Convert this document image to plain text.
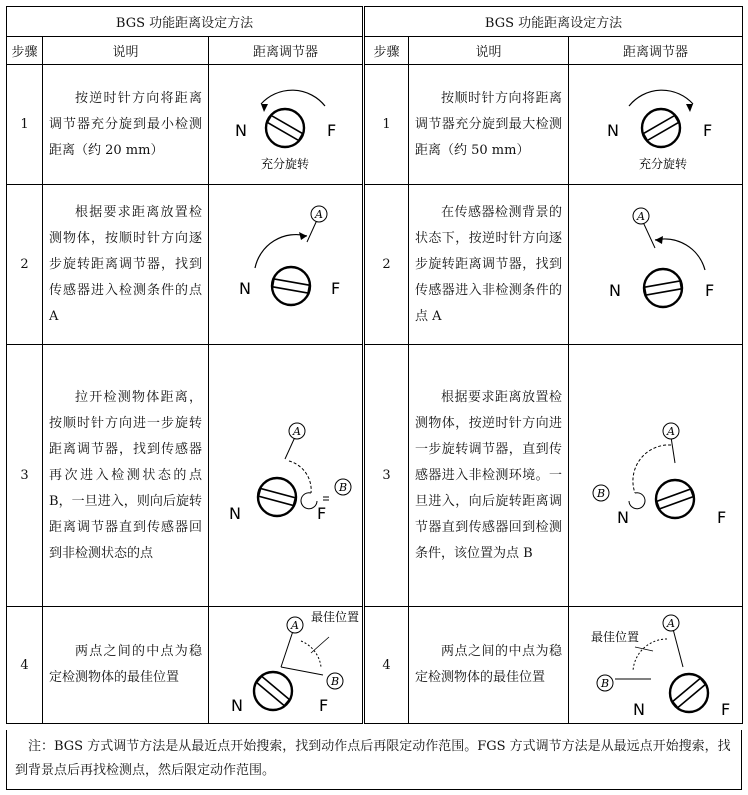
BGS 功能距离设定方法		
步骤	说明	距离调节器
1	按逆时针方向将距离调节器充分旋到最小检测距离（约 20 mm）	N F
充分旋转

2	根据要求距离放置检测物体，按顺时针方向逐步旋转距离调节器，找到传感器进入检测条件的点 A	A
N F

3	拉开检测物体距离，按顺时针方向进一步旋转距离调节器，找到传感器再次进入检测状态的点 B，一旦进入，则向后旋转距离调节器直到传感器回到非检测状态的点	A
B
N F

4	两点之间的中点为稳定检测物体的最佳位置	最佳位置
A
B
N F
BGS 功能距离设定方法		
步骤	说明	距离调节器
1	按顺时针方向将距离调节器充分旋到最大检测距离（约 50 mm）	N F
充分旋转

2	在传感器检测背景的状态下，按逆时针方向逐步旋转距离调节器，找到传感器进入非检测条件的点 A	A
N F

3	根据要求距离放置检测物体，按逆时针方向进一步旋转调节器，直到传感器进入非检测环境。一旦进入，向后旋转距离调节器直到传感器回到检测条件，该位置为点 B	A
B
N F

4	两点之间的中点为稳定检测物体的最佳位置	最佳位置
A
B
N F
注：BGS 方式调节方法是从最近点开始搜索，找到动作点后再限定动作范围。FGS 方式调节方法是从最远点开始搜索，找到背景点后再找检测点，然后限定动作范围。
